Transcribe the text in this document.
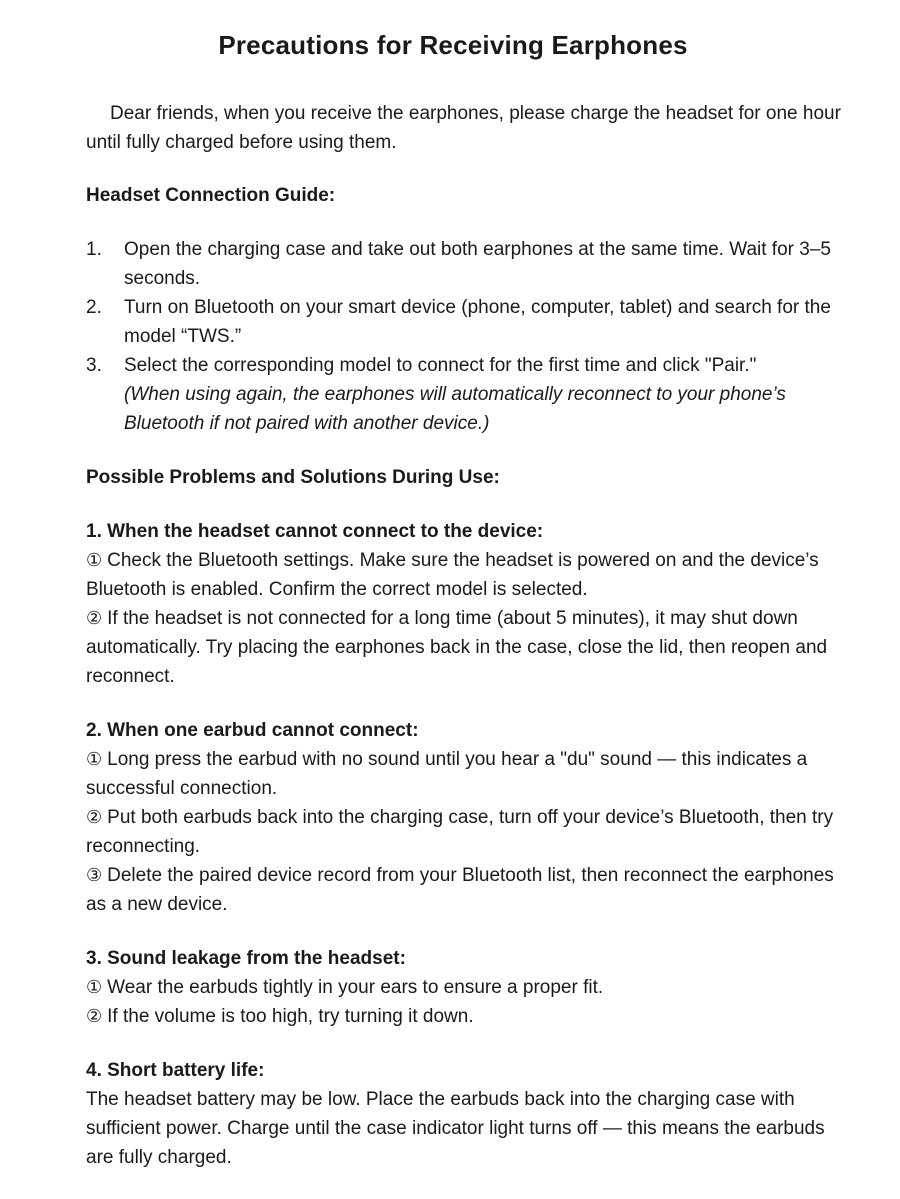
Precautions for Receiving Earphones

Dear friends, when you receive the earphones, please charge the headset for one hour until fully charged before using them.

Headset Connection Guide:
1.	Open the charging case and take out both earphones at the same time. Wait for 3–5 seconds.
2.	Turn on Bluetooth on your smart device (phone, computer, tablet) and search for the model “TWS.”
3.	Select the corresponding model to connect for the first time and click "Pair."
(When using again, the earphones will automatically reconnect to your phone’s Bluetooth if not paired with another device.)
Possible Problems and Solutions During Use:
1. When the headset cannot connect to the device:

① Check the Bluetooth settings. Make sure the headset is powered on and the device’s Bluetooth is enabled. Confirm the correct model is selected.

② If the headset is not connected for a long time (about 5 minutes), it may shut down automatically. Try placing the earphones back in the case, close the lid, then reopen and reconnect.

2. When one earbud cannot connect:

① Long press the earbud with no sound until you hear a "du" sound — this indicates a successful connection.

② Put both earbuds back into the charging case, turn off your device’s Bluetooth, then try reconnecting.

③ Delete the paired device record from your Bluetooth list, then reconnect the earphones as a new device.

3. Sound leakage from the headset:

① Wear the earbuds tightly in your ears to ensure a proper fit.

② If the volume is too high, try turning it down.

4. Short battery life:

The headset battery may be low. Place the earbuds back into the charging case with sufficient power. Charge until the case indicator light turns off — this means the earbuds are fully charged.
